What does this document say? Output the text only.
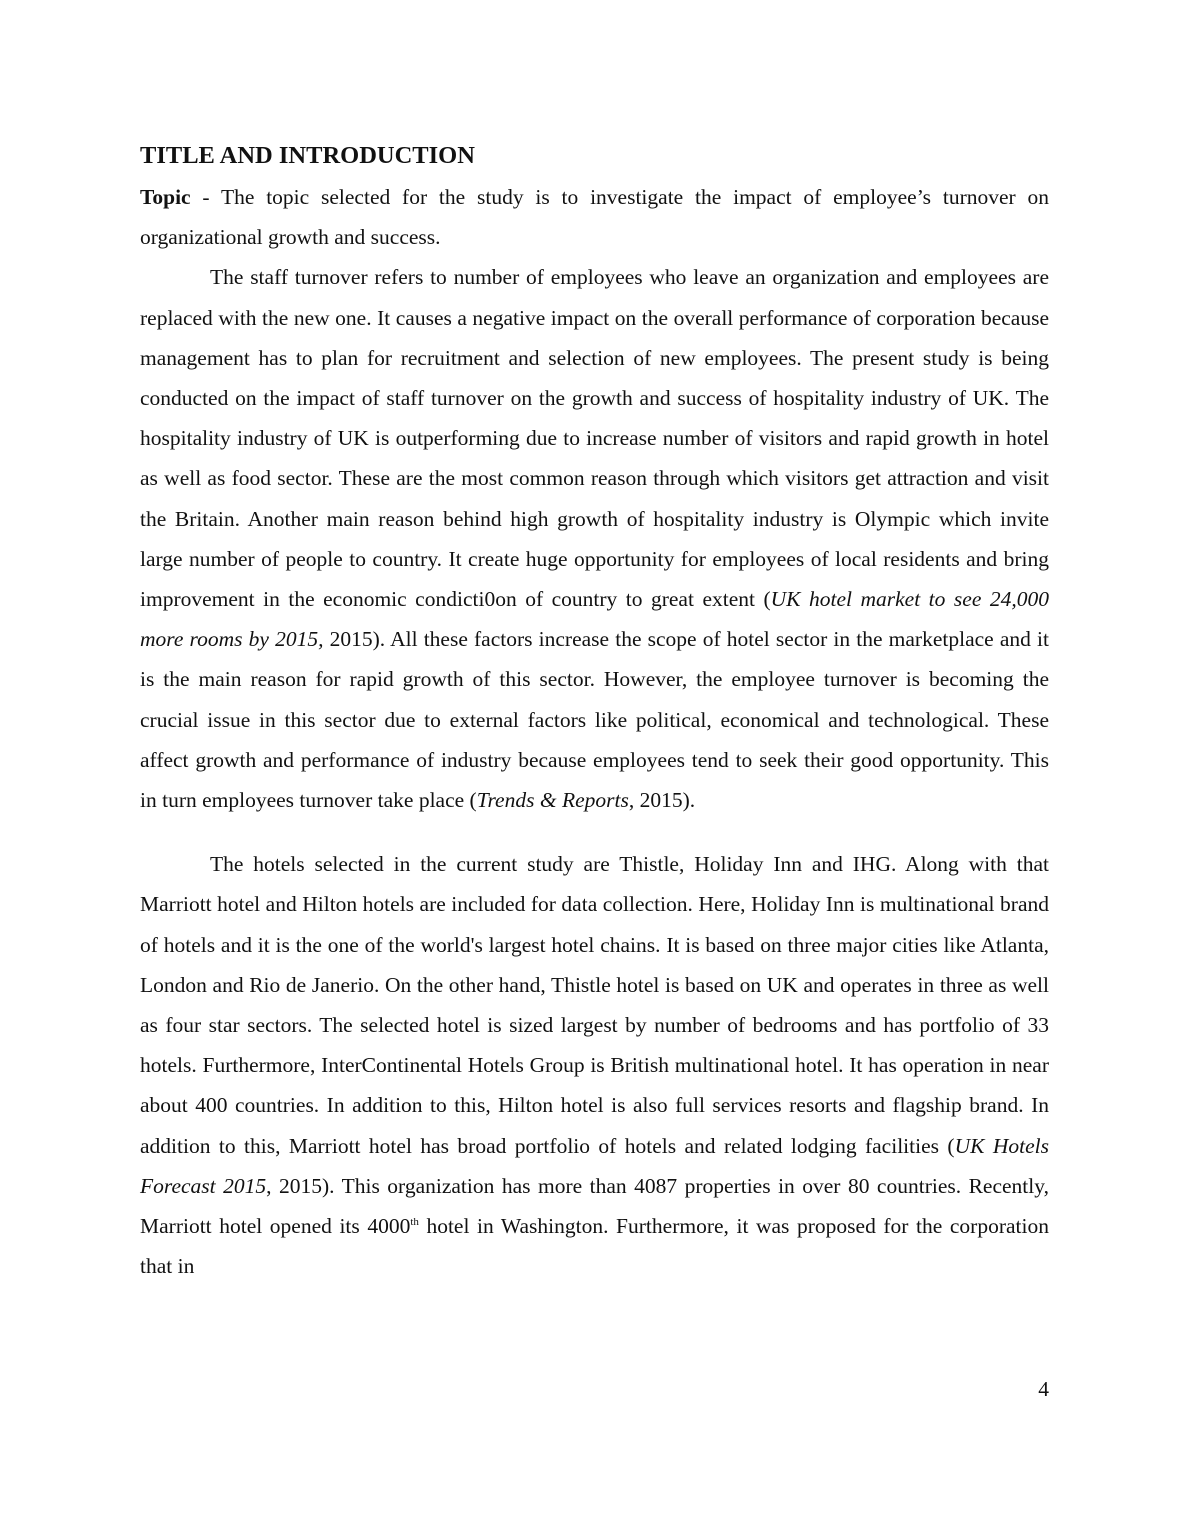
TITLE AND INTRODUCTION

Topic - The topic selected for the study is to investigate the impact of employee’s turnover on organizational growth and success.

The staff turnover refers to number of employees who leave an organization and employees are replaced with the new one. It causes a negative impact on the overall performance of corporation because management has to plan for recruitment and selection of new employees. The present study is being conducted on the impact of staff turnover on the growth and success of hospitality industry of UK. The hospitality industry of UK is outperforming due to increase number of visitors and rapid growth in hotel as well as food sector. These are the most common reason through which visitors get attraction and visit the Britain. Another main reason behind high growth of hospitality industry is Olympic which invite large number of people to country. It create huge opportunity for employees of local residents and bring improvement in the economic condicti0on of country to great extent (UK hotel market to see 24,000 more rooms by 2015, 2015). All these factors increase the scope of hotel sector in the marketplace and it is the main reason for rapid growth of this sector. However, the employee turnover is becoming the crucial issue in this sector due to external factors like political, economical and technological. These affect growth and performance of industry because employees tend to seek their good opportunity. This in turn employees turnover take place (Trends & Reports, 2015).

The hotels selected in the current study are Thistle, Holiday Inn and IHG. Along with that Marriott hotel and Hilton hotels are included for data collection. Here, Holiday Inn is multinational brand of hotels and it is the one of the world's largest hotel chains. It is based on three major cities like Atlanta, London and Rio de Janerio. On the other hand, Thistle hotel is based on UK and operates in three as well as four star sectors. The selected hotel is sized largest by number of bedrooms and has portfolio of 33 hotels. Furthermore, InterContinental Hotels Group is British multinational hotel. It has operation in near about 400 countries. In addition to this, Hilton hotel is also full services resorts and flagship brand. In addition to this, Marriott hotel has broad portfolio of hotels and related lodging facilities (UK Hotels Forecast 2015, 2015). This organization has more than 4087 properties in over 80 countries. Recently, Marriott hotel opened its 4000th hotel in Washington. Furthermore, it was proposed for the corporation that in

4
